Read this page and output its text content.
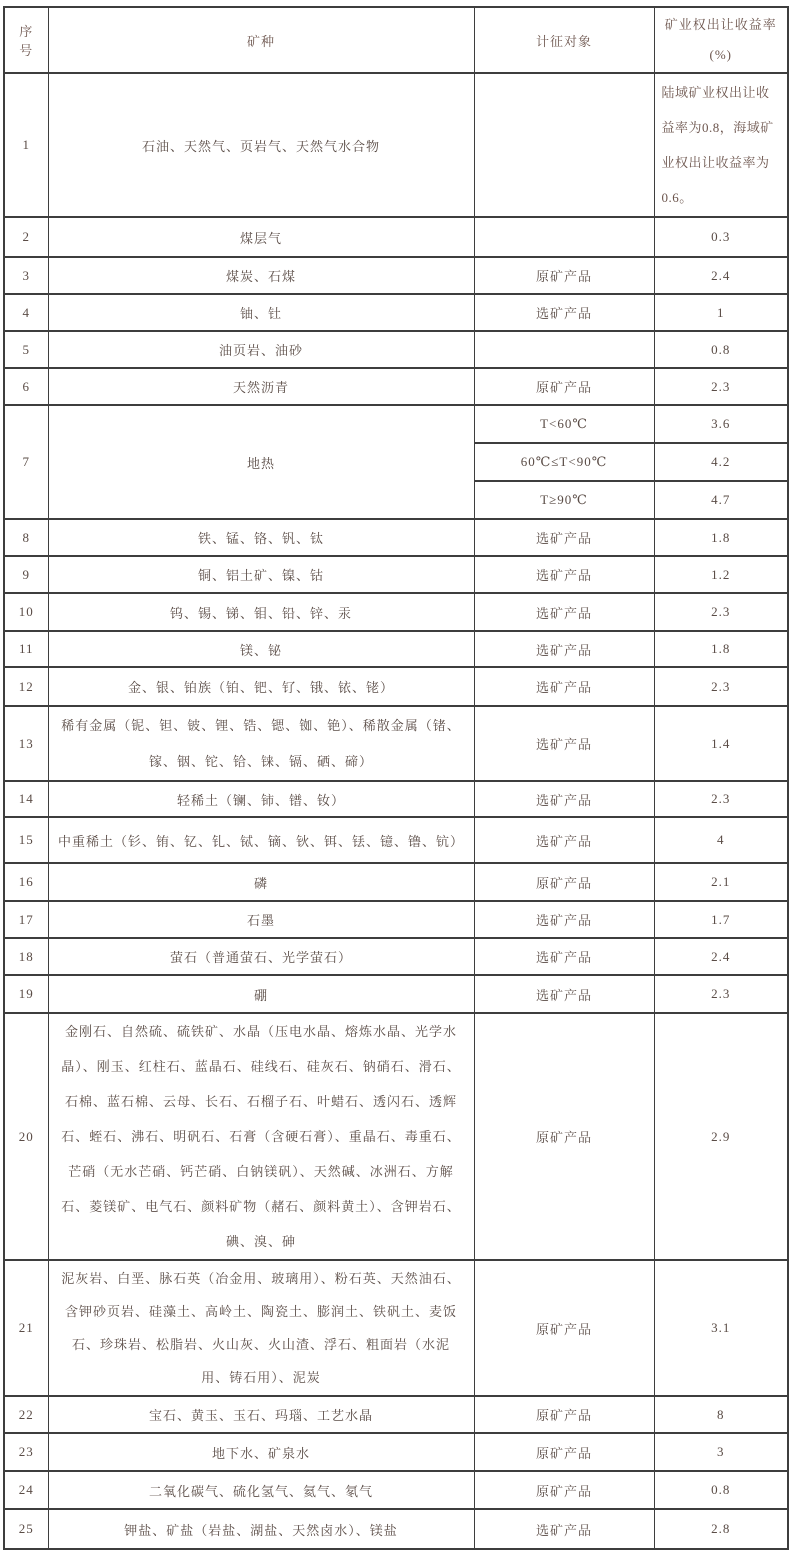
序号	矿种	计征对象	矿业权出让收益率
(%)

1	石油、天然气、页岩气、天然气水合物		陆域矿业权出让收益率为0.8，海域矿业权出让收益率为0.6。
2	煤层气		0.3
3	煤炭、石煤	原矿产品	2.4
4	铀、钍	选矿产品	1
5	油页岩、油砂		0.8
6	天然沥青	原矿产品	2.3
7	地热	T<60℃	3.6
		60℃≤T<90℃	4.2
		T≥90℃	4.7
8	铁、锰、铬、钒、钛	选矿产品	1.8
9	铜、铝土矿、镍、钴	选矿产品	1.2
10	钨、锡、锑、钼、铅、锌、汞	选矿产品	2.3
11	镁、铋	选矿产品	1.8
12	金、银、铂族（铂、钯、钌、锇、铱、铑）	选矿产品	2.3
13	稀有金属（铌、钽、铍、锂、锆、锶、铷、铯）、稀散金属（锗、镓、铟、铊、铪、铼、镉、硒、碲）	选矿产品	1.4
14	轻稀土（镧、铈、镨、钕）	选矿产品	2.3
15	中重稀土（钐、铕、钇、钆、铽、镝、钬、铒、铥、镱、镥、钪）	选矿产品	4
16	磷	原矿产品	2.1
17	石墨	选矿产品	1.7
18	萤石（普通萤石、光学萤石）	选矿产品	2.4
19	硼	选矿产品	2.3
20	金刚石、自然硫、硫铁矿、水晶（压电水晶、熔炼水晶、光学水晶）、刚玉、红柱石、蓝晶石、硅线石、硅灰石、钠硝石、滑石、石棉、蓝石棉、云母、长石、石榴子石、叶蜡石、透闪石、透辉石、蛭石、沸石、明矾石、石膏（含硬石膏）、重晶石、毒重石、芒硝（无水芒硝、钙芒硝、白钠镁矾）、天然碱、冰洲石、方解石、菱镁矿、电气石、颜料矿物（赭石、颜料黄土）、含钾岩石、碘、溴、砷	原矿产品	2.9
21	泥灰岩、白垩、脉石英（冶金用、玻璃用）、粉石英、天然油石、含钾砂页岩、硅藻土、高岭土、陶瓷土、膨润土、铁矾土、麦饭石、珍珠岩、松脂岩、火山灰、火山渣、浮石、粗面岩（水泥用、铸石用）、泥炭	原矿产品	3.1
22	宝石、黄玉、玉石、玛瑙、工艺水晶	原矿产品	8
23	地下水、矿泉水	原矿产品	3
24	二氧化碳气、硫化氢气、氦气、氡气	原矿产品	0.8
25	钾盐、矿盐（岩盐、湖盐、天然卤水）、镁盐	选矿产品	2.8
